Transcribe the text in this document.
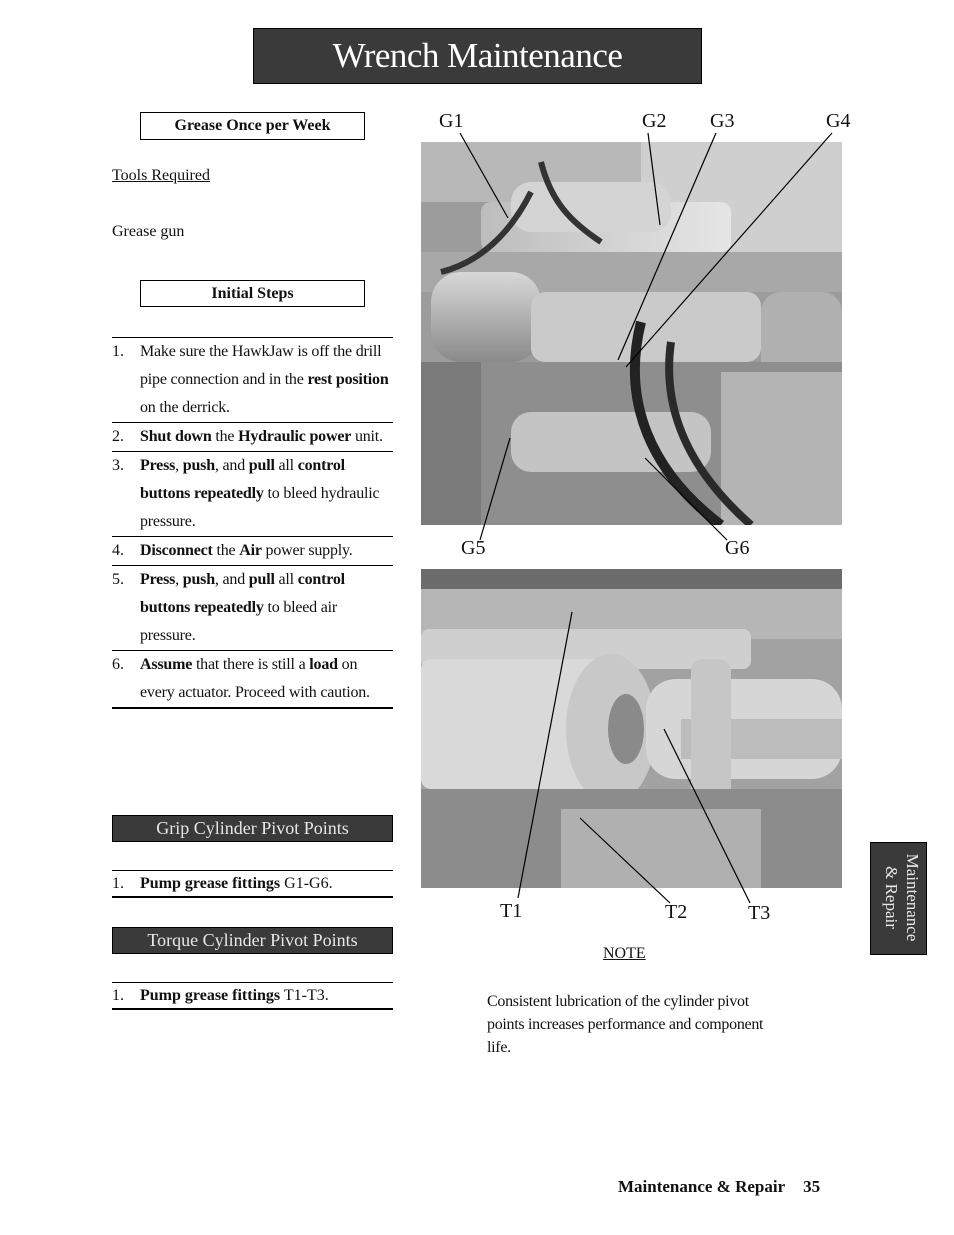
Wrench Maintenance
Grease Once per Week
Tools Required
Grease gun
Initial Steps
1.	Make sure the HawkJaw is off the drill pipe connection and in the rest position on the derrick.
2.	Shut down the Hydraulic power unit.
3.	Press, push, and pull all control buttons repeatedly to bleed hydraulic pressure.
4.	Disconnect the Air power supply.
5.	Press, push, and pull all control buttons repeatedly to bleed air pressure.
6.	Assume that there is still a load on every actuator. Proceed with caution.
Grip Cylinder Pivot Points
1.	Pump grease fittings G1-G6.
Torque Cylinder Pivot Points
1.	Pump grease fittings T1-T3.
G1	G2 G3	G4
G5	G6
T1	T2	T3
NOTE
Consistent lubrication of the cylinder pivot points increases performance and component life.
Maintenance
& Repair
Maintenance & Repair 35
